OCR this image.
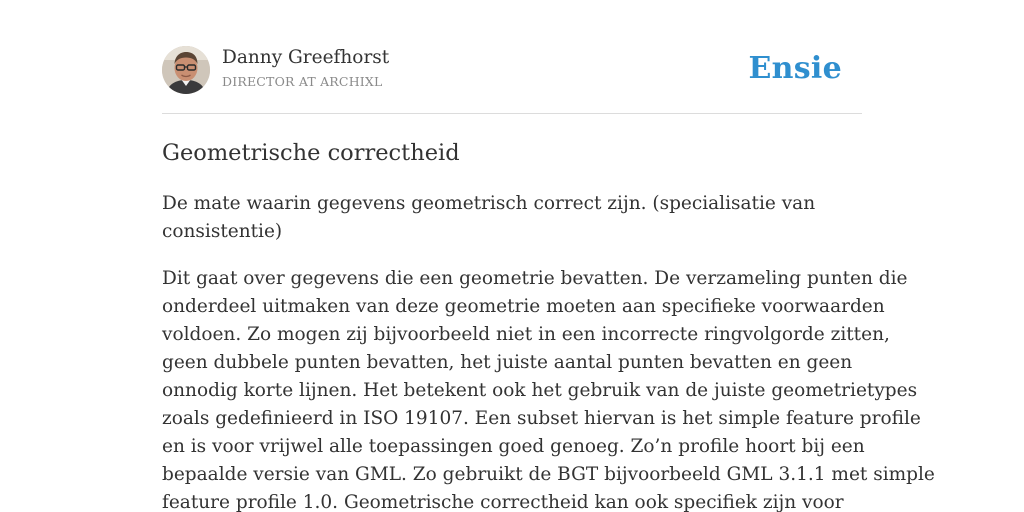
Danny Greefhorst
DIRECTOR AT ARCHIXL	Ensie
Geometrische correctheid

De mate waarin gegevens geometrisch correct zijn. (specialisatie van
consistentie)

Dit gaat over gegevens die een geometrie bevatten. De verzameling punten die
onderdeel uitmaken van deze geometrie moeten aan specifieke voorwaarden
voldoen. Zo mogen zij bijvoorbeeld niet in een incorrecte ringvolgorde zitten,
geen dubbele punten bevatten, het juiste aantal punten bevatten en geen
onnodig korte lijnen. Het betekent ook het gebruik van de juiste geometrietypes
zoals gedefinieerd in ISO 19107. Een subset hiervan is het simple feature profile
en is voor vrijwel alle toepassingen goed genoeg. Zo’n profile hoort bij een
bepaalde versie van GML. Zo gebruikt de BGT bijvoorbeeld GML 3.1.1 met simple
feature profile 1.0. Geometrische correctheid kan ook specifiek zijn voor
